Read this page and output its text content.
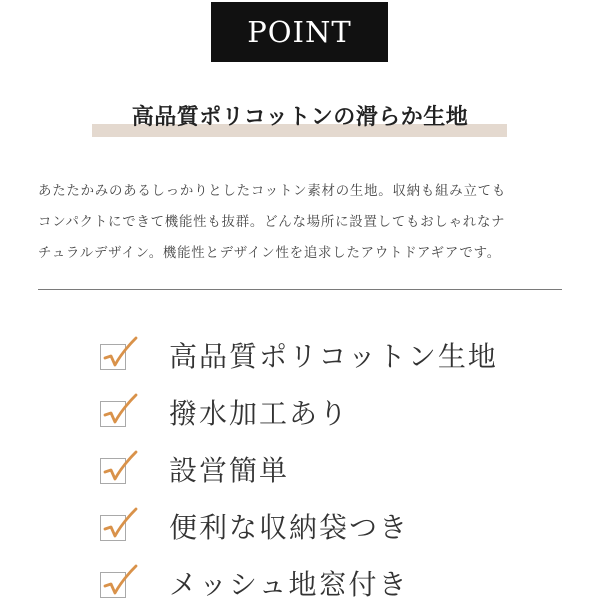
POINT
高品質ポリコットンの滑らか生地

あたたかみのあるしっかりとしたコットン素材の生地。収納も組み立ても
コンパクトにできて機能性も抜群。どんな場所に設置してもおしゃれなナ
チュラルデザイン。機能性とデザイン性を追求したアウトドアギアです。

高品質ポリコットン生地
撥水加工あり
設営簡単
便利な収納袋つき
メッシュ地窓付き
